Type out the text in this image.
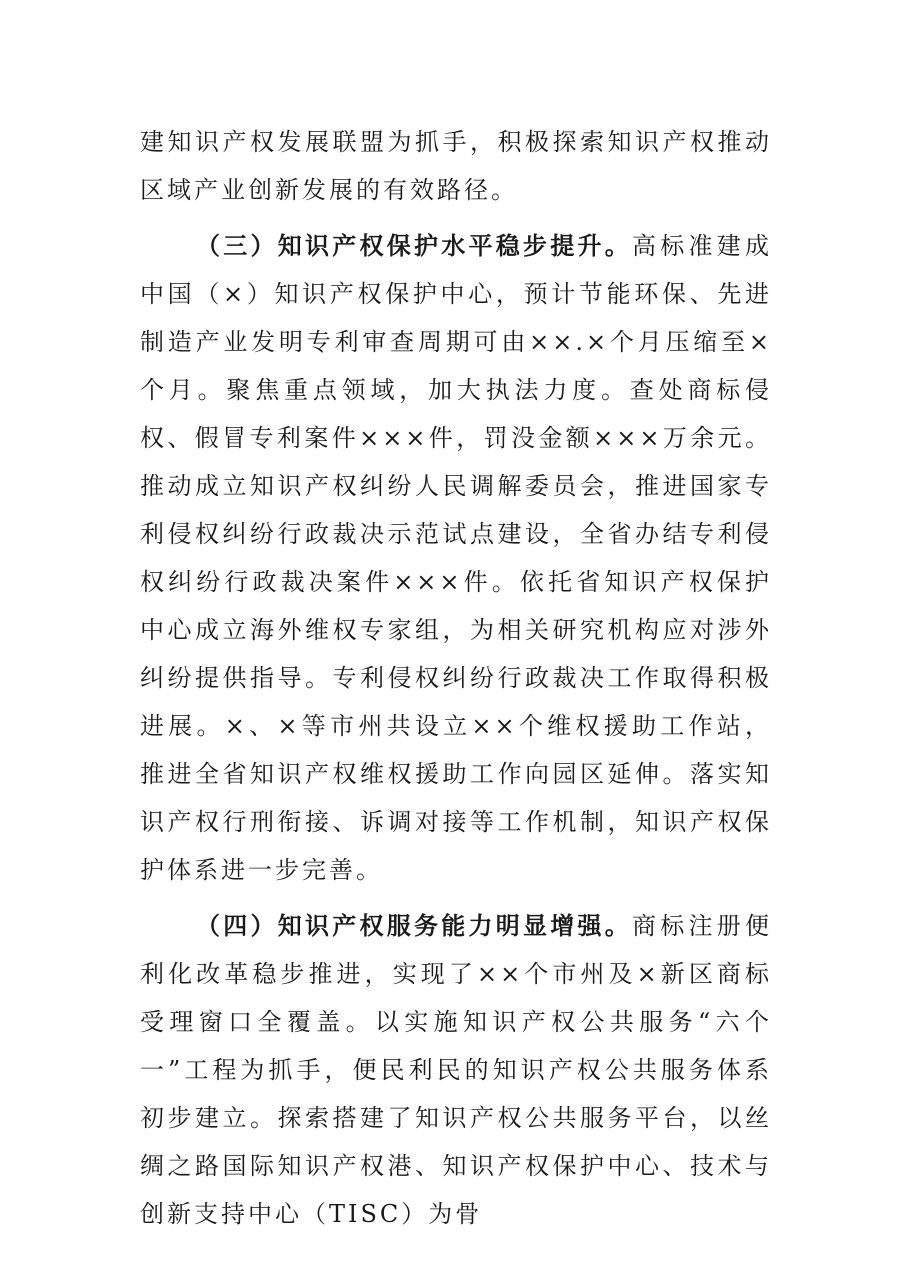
建知识产权发展联盟为抓手，积极探索知识产权推动区域产业创新发展的有效路径。

（三）知识产权保护水平稳步提升。高标准建成中国（×）知识产权保护中心，预计节能环保、先进制造产业发明专利审查周期可由××.×个月压缩至×个月。聚焦重点领域，加大执法力度。查处商标侵权、假冒专利案件×××件，罚没金额×××万余元。推动成立知识产权纠纷人民调解委员会，推进国家专利侵权纠纷行政裁决示范试点建设，全省办结专利侵权纠纷行政裁决案件×××件。依托省知识产权保护中心成立海外维权专家组，为相关研究机构应对涉外纠纷提供指导。专利侵权纠纷行政裁决工作取得积极进展。×、×等市州共设立××个维权援助工作站，推进全省知识产权维权援助工作向园区延伸。落实知识产权行刑衔接、诉调对接等工作机制，知识产权保护体系进一步完善。

（四）知识产权服务能力明显增强。商标注册便利化改革稳步推进，实现了××个市州及×新区商标受理窗口全覆盖。以实施知识产权公共服务“六个一”工程为抓手，便民利民的知识产权公共服务体系初步建立。探索搭建了知识产权公共服务平台，以丝绸之路国际知识产权港、知识产权保护中心、技术与创新支持中心（TISC）为骨
